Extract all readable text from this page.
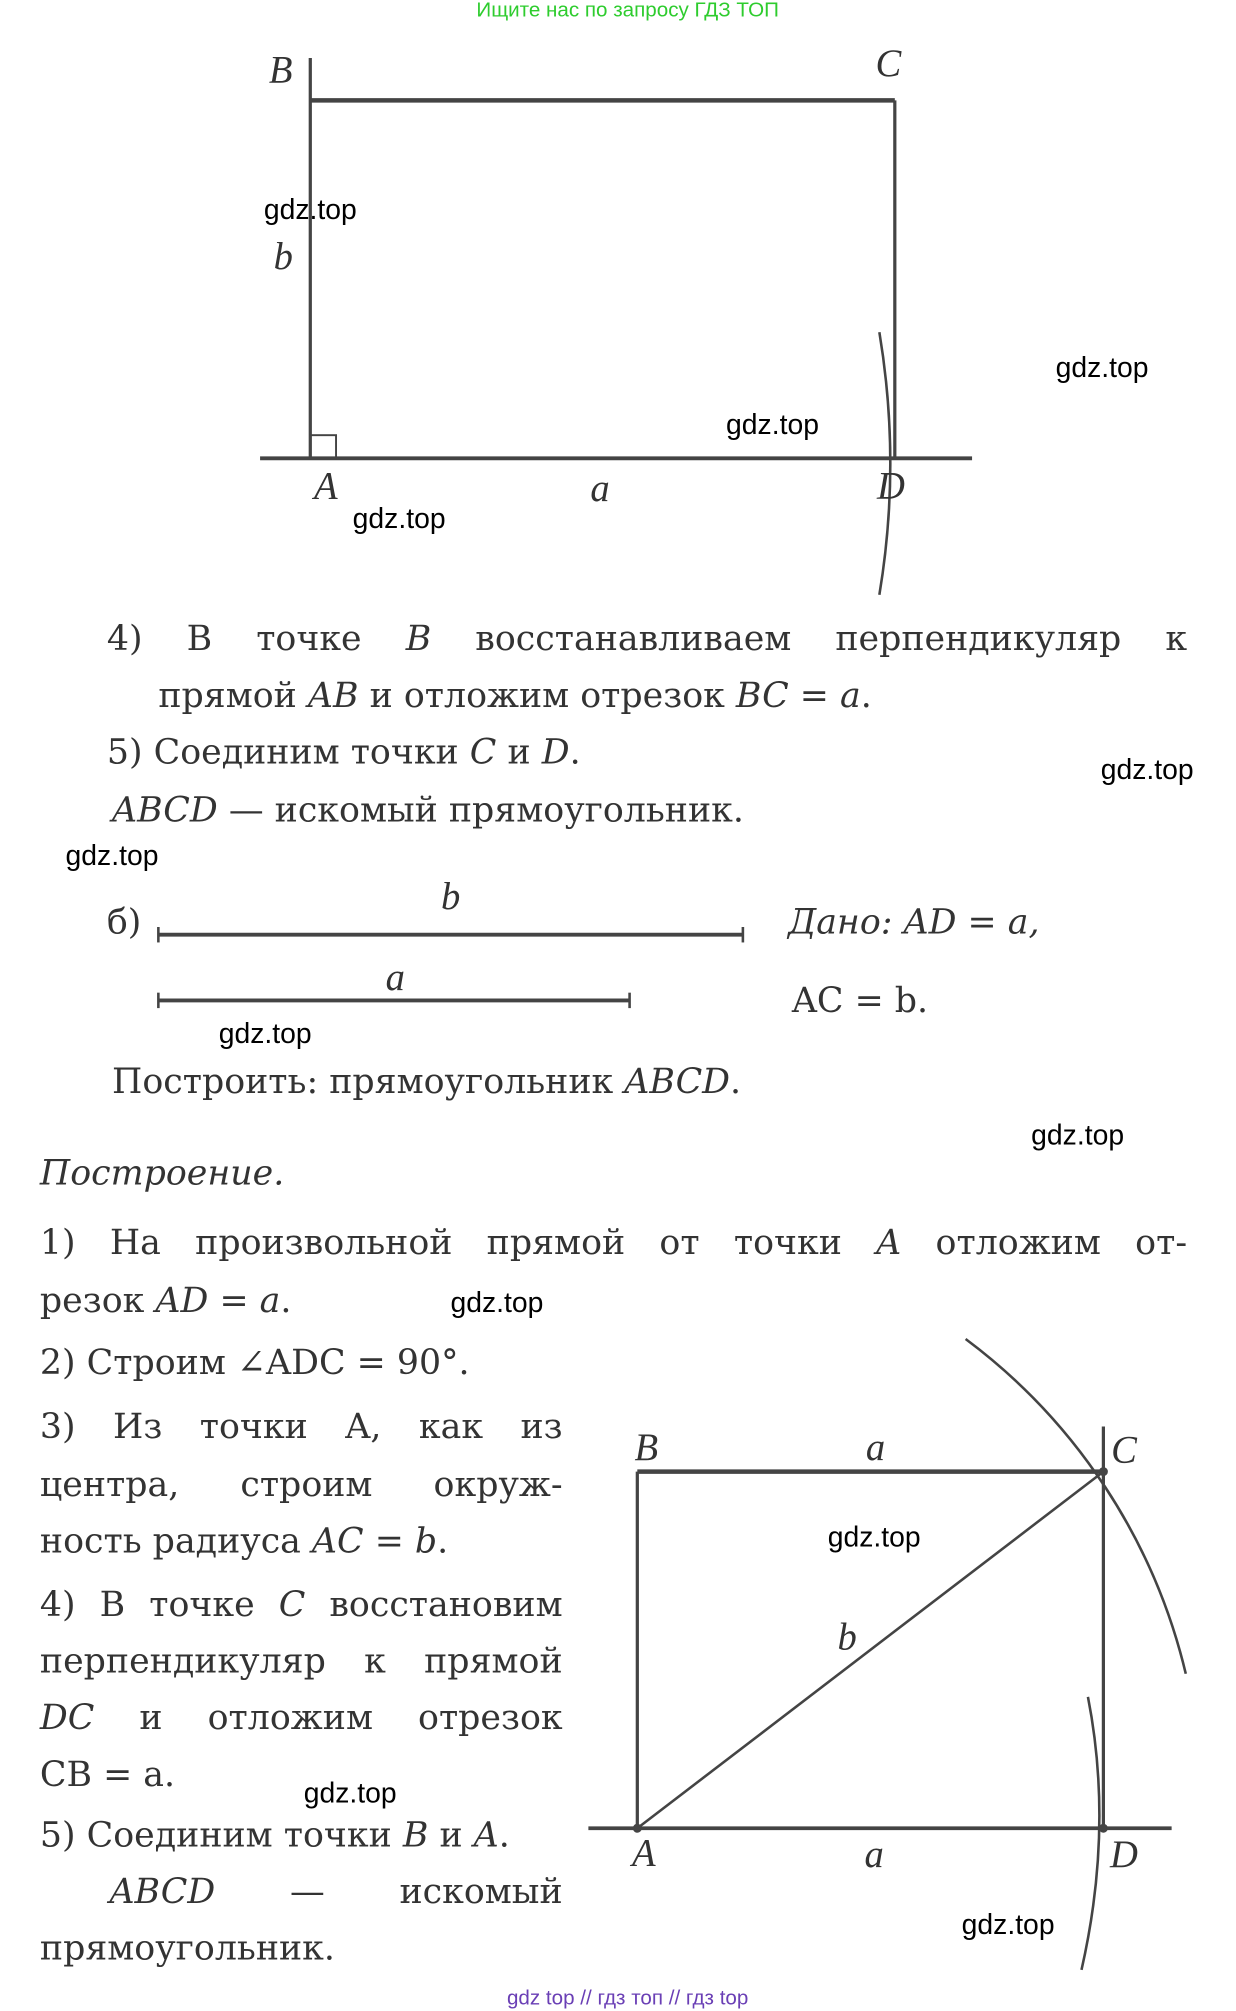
Ищите нас по запросу ГДЗ ТОП
B	C
b
A	a	D
4) В точке B восстанавливаем перпендикуляр к
прямой AB и отложим отрезок BC = a.
5) Соединим точки C и D.
ABCD — искомый прямоугольник.
б)
b
a
Дано: AD = a,
AC = b.
Построить: прямоугольник ABCD.
Построение.
1) На произвольной прямой от точки A отложим от-
резок AD = a.
2) Строим ∠ADC = 90°.
3) Из точки A, как из
центра, строим окруж-
ность радиуса AC = b.
4) В точке C восстановим
перпендикуляр к прямой
DC и отложим отрезок
CB = a.
5) Соединим точки B и A.
ABCD — искомый
прямоугольник.
B	a	C
b
A	a	D
gdz.top
gdz.top
gdz.top
gdz.top
gdz.top
gdz.top
gdz.top
gdz.top
gdz.top
gdz.top
gdz.top
gdz.top
gdz top // гдз топ // гдз top
